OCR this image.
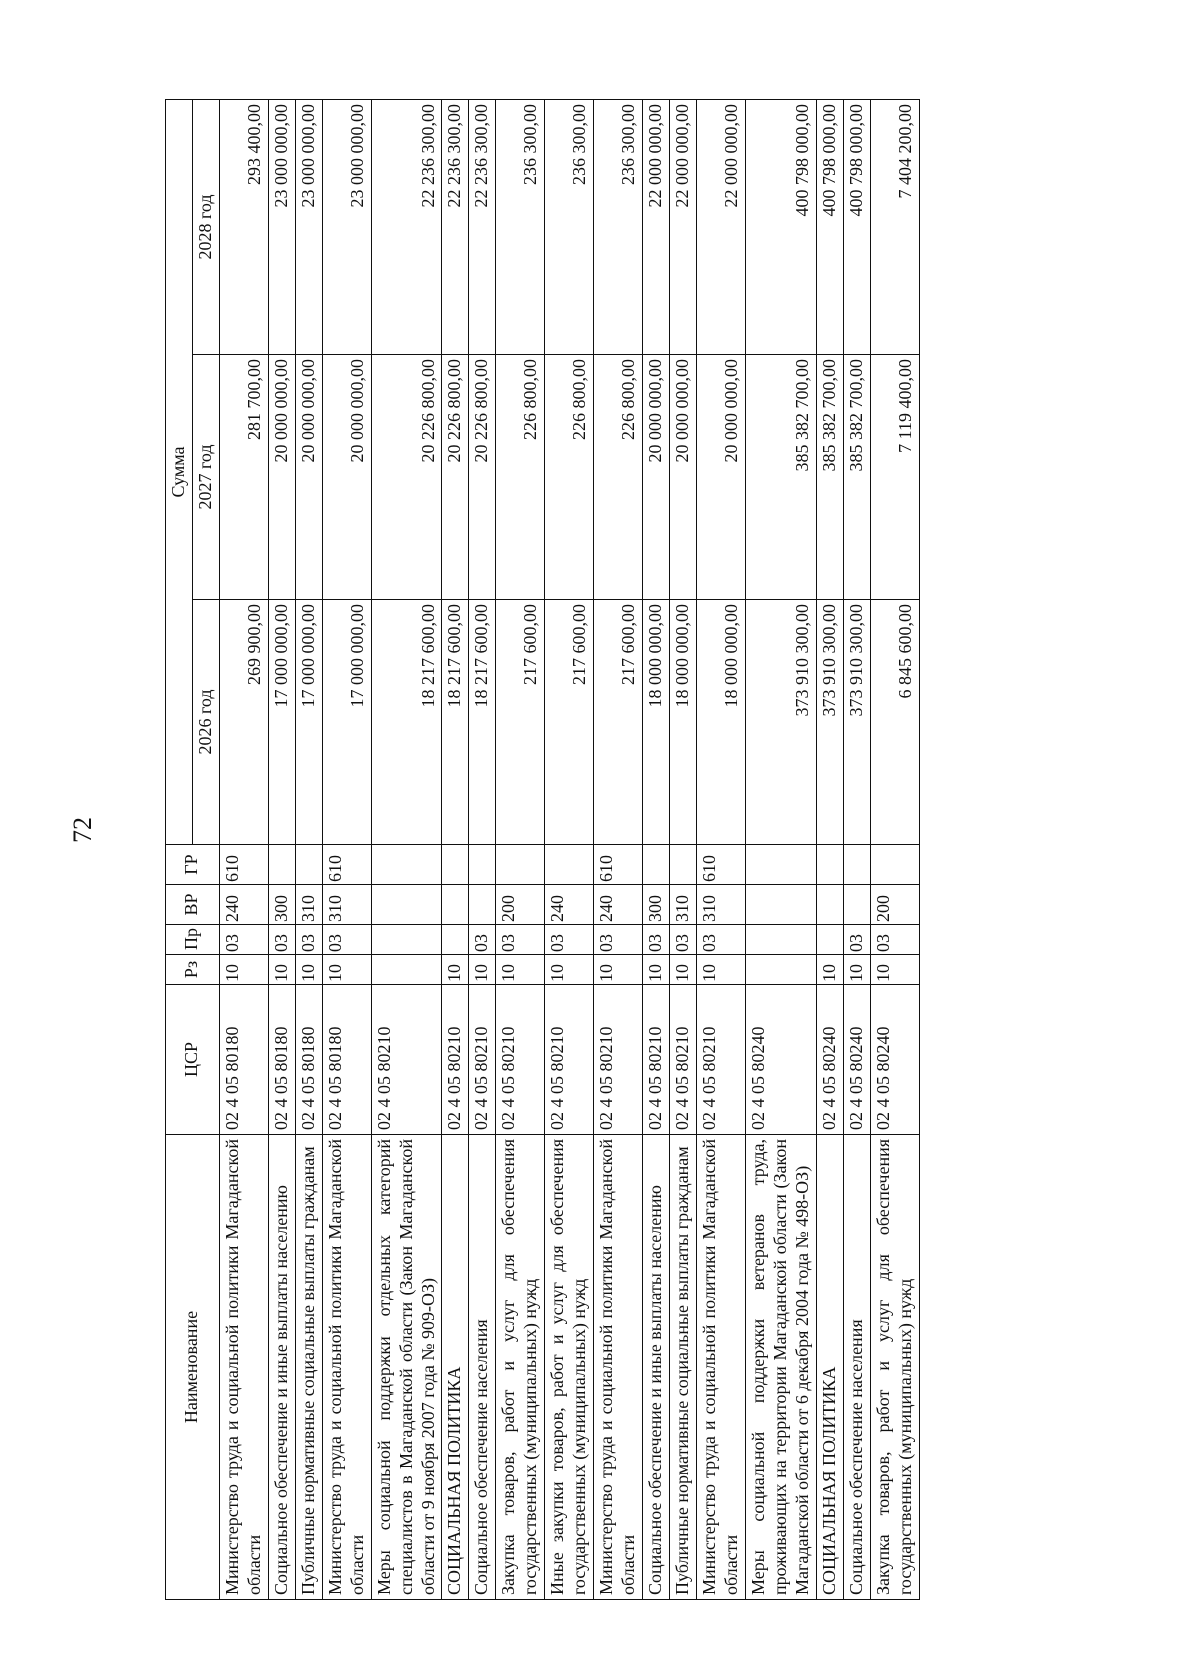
72
Наименование	ЦСР	Рз	Пр	ВР	ГР	Сумма		
						2026 год	2027 год	2028 год
Министерство труда и социальной политики Магаданской области	02 4 05 80180	10	03	240	610	269 900,00	281 700,00	293 400,00
Социальное обеспечение и иные выплаты населению	02 4 05 80180	10	03	300		17 000 000,00	20 000 000,00	23 000 000,00
Публичные нормативные социальные выплаты гражданам	02 4 05 80180	10	03	310		17 000 000,00	20 000 000,00	23 000 000,00
Министерство труда и социальной политики Магаданской области	02 4 05 80180	10	03	310	610	17 000 000,00	20 000 000,00	23 000 000,00
Меры социальной поддержки отдельных категорий специалистов в Магаданской области (Закон Магаданской области от 9 ноября 2007 года № 909-ОЗ)	02 4 05 80210					18 217 600,00	20 226 800,00	22 236 300,00
СОЦИАЛЬНАЯ ПОЛИТИКА	02 4 05 80210	10				18 217 600,00	20 226 800,00	22 236 300,00
Социальное обеспечение населения	02 4 05 80210	10	03			18 217 600,00	20 226 800,00	22 236 300,00
Закупка товаров, работ и услуг для обеспечения государственных (муниципальных) нужд	02 4 05 80210	10	03	200		217 600,00	226 800,00	236 300,00
Иные закупки товаров, работ и услуг для обеспечения государственных (муниципальных) нужд	02 4 05 80210	10	03	240		217 600,00	226 800,00	236 300,00
Министерство труда и социальной политики Магаданской области	02 4 05 80210	10	03	240	610	217 600,00	226 800,00	236 300,00
Социальное обеспечение и иные выплаты населению	02 4 05 80210	10	03	300		18 000 000,00	20 000 000,00	22 000 000,00
Публичные нормативные социальные выплаты гражданам	02 4 05 80210	10	03	310		18 000 000,00	20 000 000,00	22 000 000,00
Министерство труда и социальной политики Магаданской области	02 4 05 80210	10	03	310	610	18 000 000,00	20 000 000,00	22 000 000,00
Меры социальной поддержки ветеранов труда, проживающих на территории Магаданской области (Закон Магаданской области от 6 декабря 2004 года № 498-ОЗ)	02 4 05 80240					373 910 300,00	385 382 700,00	400 798 000,00
СОЦИАЛЬНАЯ ПОЛИТИКА	02 4 05 80240	10				373 910 300,00	385 382 700,00	400 798 000,00
Социальное обеспечение населения	02 4 05 80240	10	03			373 910 300,00	385 382 700,00	400 798 000,00
Закупка товаров, работ и услуг для обеспечения государственных (муниципальных) нужд	02 4 05 80240	10	03	200		6 845 600,00	7 119 400,00	7 404 200,00
